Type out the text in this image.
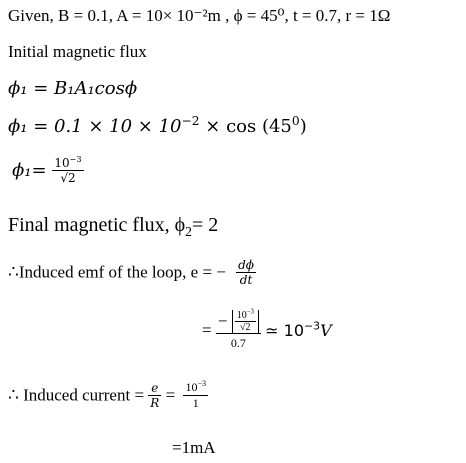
Given, B = 0.1, A = 10× 10⁻²m , ϕ = 45⁰, t = 0.7, r = 1Ω
Initial magnetic flux
ϕ₁ = B₁A₁cosϕ
$\phi_1 = 0.1 \times 10 \times 10^{-2} \times \cos (45^0)$
$\phi_1= \frac{10^{-3}}{√2}$
Final magnetic flux, $\phi_2= 2$
∴Induced emf of the loop, e = − $\frac{d\phi}{dt}$
= $\frac{- \frac{10^{-3}}{√2}}{0.7}$ ≃ $10^{-3}V$
∴ Induced current = $\frac{e}{R} = \frac{10^{-3}}{1}$
=1mA
